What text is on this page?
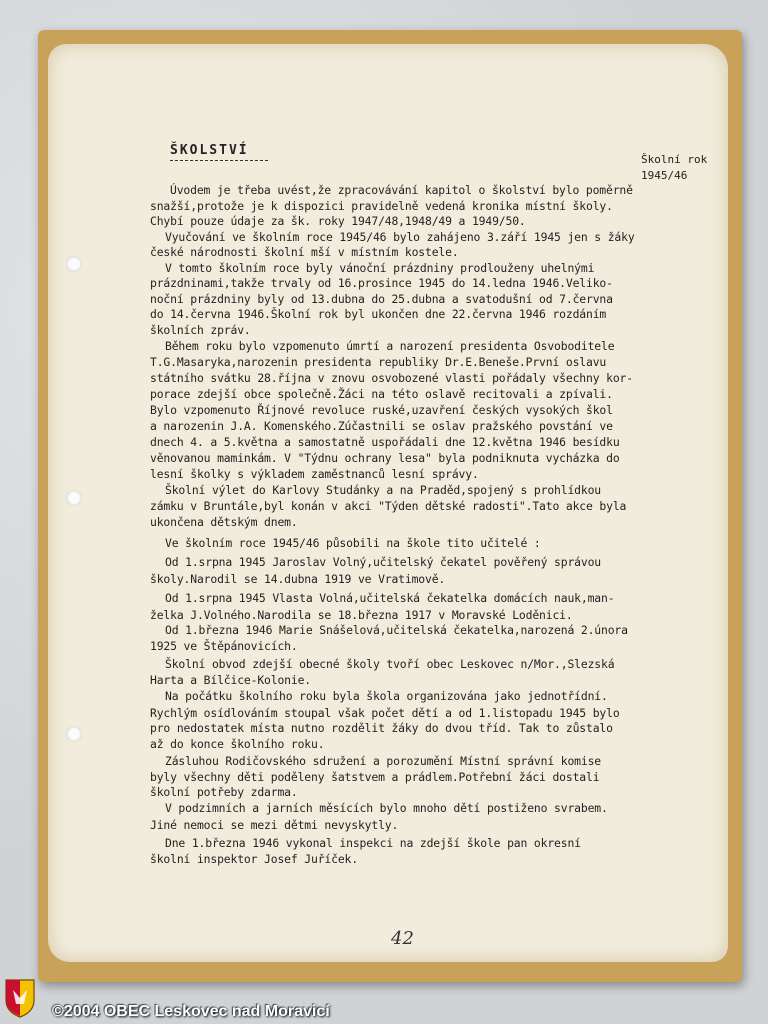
ŠKOLSTVÍ
Školní rok
1945/46
Úvodem je třeba uvést,že zpracovávání kapitol o školství bylo poměrně
snažší,protože je k dispozici pravidelně vedená kronika místní školy.
Chybí pouze údaje za šk. roky 1947/48,1948/49 a 1949/50.
Vyučování ve školním roce 1945/46 bylo zahájeno 3.září 1945 jen s žáky
české národnosti školní mší v místním kostele.
V tomto školním roce byly vánoční prázdniny prodlouženy uhelnými
prázdninami,takže trvaly od 16.prosince 1945 do 14.ledna 1946.Veliko-
noční prázdniny byly od 13.dubna do 25.dubna a svatodušní od 7.června
do 14.června 1946.Školní rok byl ukončen dne 22.června 1946 rozdáním
školních zpráv.
Během roku bylo vzpomenuto úmrtí a narození presidenta Osvoboditele
T.G.Masaryka,narozenin presidenta republiky Dr.E.Beneše.První oslavu
státního svátku 28.října v znovu osvobozené vlasti pořádaly všechny kor-
porace zdejší obce společně.Žáci na této oslavě recitovali a zpívali.
Bylo vzpomenuto Říjnové revoluce ruské,uzavření českých vysokých škol
a narozenin J.A. Komenského.Zúčastnili se oslav pražského povstání ve
dnech 4. a 5.května a samostatně uspořádali dne 12.května 1946 besídku
věnovanou maminkám. V "Týdnu ochrany lesa" byla podniknuta vycházka do
lesní školky s výkladem zaměstnanců lesní správy.
Školní výlet do Karlovy Studánky a na Praděd,spojený s prohlídkou
zámku v Bruntále,byl konán v akci "Týden dětské radosti".Tato akce byla
ukončena dětským dnem.
Ve školním roce 1945/46 působili na škole tito učitelé :
Od 1.srpna 1945 Jaroslav Volný,učitelský čekatel pověřený správou
školy.Narodil se 14.dubna 1919 ve Vratimově.
Od 1.srpna 1945 Vlasta Volná,učitelská čekatelka domácích nauk,man-
želka J.Volného.Narodila se 18.března 1917 v Moravské Loděnici.
Od 1.března 1946 Marie Snášelová,učitelská čekatelka,narozená 2.února
1925 ve Štěpánovicích.
Školní obvod zdejší obecné školy tvoří obec Leskovec n/Mor.,Slezská
Harta a Bílčice-Kolonie.
Na počátku školního roku byla škola organizována jako jednotřídní.
Rychlým osídlováním stoupal však počet dětí a od 1.listopadu 1945 bylo
pro nedostatek místa nutno rozdělit žáky do dvou tříd. Tak to zůstalo
až do konce školního roku.
Zásluhou Rodičovského sdružení a porozumění Místní správní komise
byly všechny děti poděleny šatstvem a prádlem.Potřební žáci dostali
školní potřeby zdarma.
V podzimních a jarních měsících bylo mnoho dětí postiženo svrabem.
Jiné nemoci se mezi dětmi nevyskytly.
Dne 1.března 1946 vykonal inspekci na zdejší škole pan okresní
školní inspektor Josef Juříček.
42
©2004 OBEC Leskovec nad Moravicí
